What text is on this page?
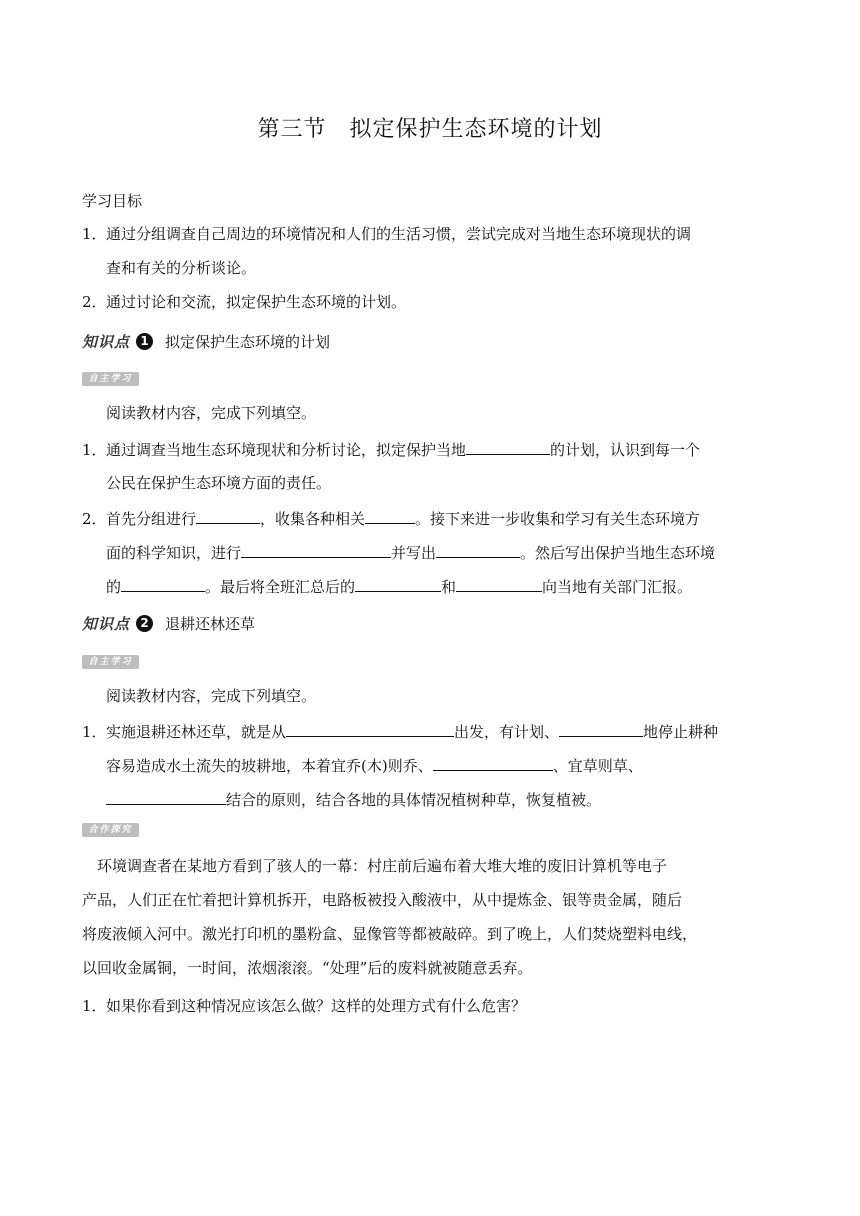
第三节　拟定保护生态环境的计划
学习目标
1．通过分组调查自己周边的环境情况和人们的生活习惯，尝试完成对当地生态环境现状的调
查和有关的分析谈论。
2．通过讨论和交流，拟定保护生态环境的计划。
知识点 1 拟定保护生态环境的计划
自主学习
阅读教材内容，完成下列填空。
1．通过调查当地生态环境现状和分析讨论，拟定保护当地	的计划，认识到每一个
公民在保护生态环境方面的责任。
2．首先分组进行	，收集各种相关	。接下来进一步收集和学习有关生态环境方
面的科学知识，进行	并写出	。然后写出保护当地生态环境
的	。最后将全班汇总后的	和	向当地有关部门汇报。
知识点 2 退耕还林还草
自主学习
阅读教材内容，完成下列填空。
1．实施退耕还林还草，就是从	出发，有计划、	地停止耕种
容易造成水土流失的坡耕地，本着宜乔(木)则乔、	、宜草则草、
结合的原则，结合各地的具体情况植树种草，恢复植被。
合作探究
　环境调查者在某地方看到了骇人的一幕：村庄前后遍布着大堆大堆的废旧计算机等电子
产品，人们正在忙着把计算机拆开，电路板被投入酸液中，从中提炼金、银等贵金属，随后
将废液倾入河中。激光打印机的墨粉盒、显像管等都被敲碎。到了晚上，人们焚烧塑料电线，
以回收金属铜，一时间，浓烟滚滚。“处理”后的废料就被随意丢弃。
1．如果你看到这种情况应该怎么做？这样的处理方式有什么危害？
